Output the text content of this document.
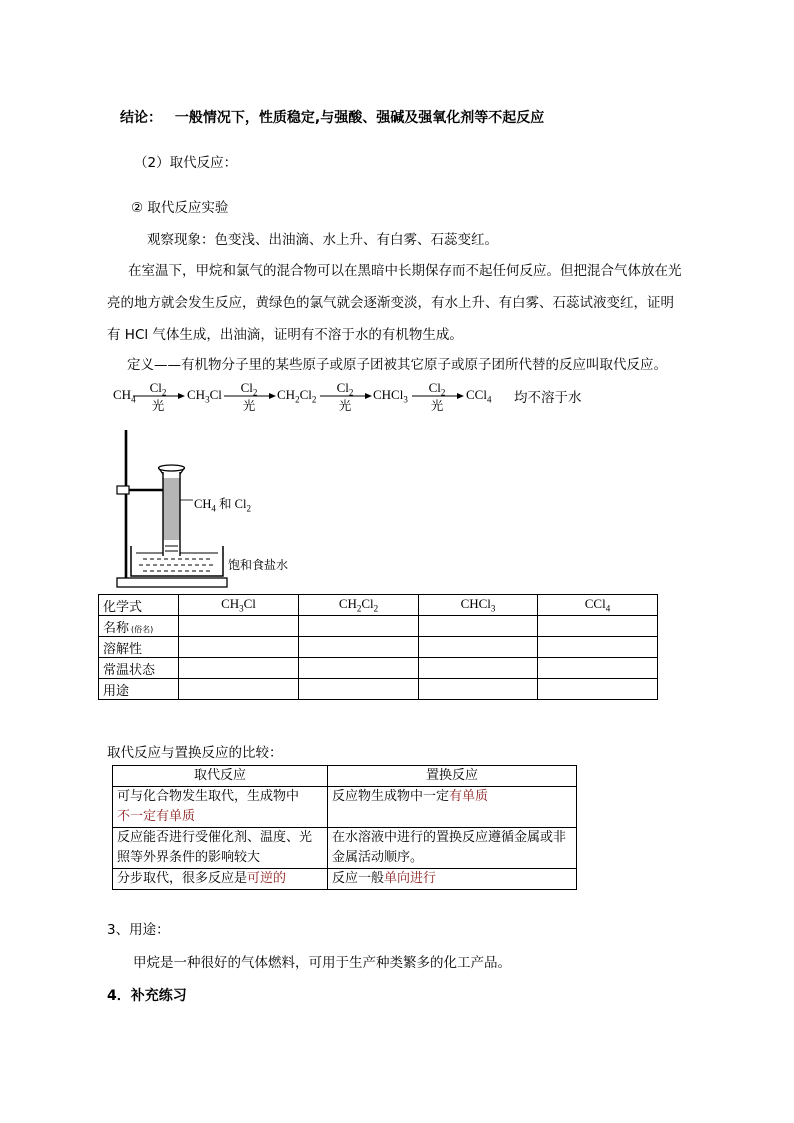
结论： 一般情况下，性质稳定,与强酸、强碱及强氧化剂等不起反应
（2）取代反应：
② 取代反应实验
观察现象：色变浅、出油滴、水上升、有白雾、石蕊变红。
在室温下，甲烷和氯气的混合物可以在黑暗中长期保存而不起任何反应。但把混合气体放在光
亮的地方就会发生反应，黄绿色的氯气就会逐渐变淡，有水上升、有白雾、石蕊试液变红，证明
有 HCl 气体生成，出油滴，证明有不溶于水的有机物生成。
定义——有机物分子里的某些原子或原子团被其它原子或原子团所代替的反应叫取代反应。
$CH_4$
$Cl_2$
光
$CH_3Cl$	$Cl_2$
光
$CH_2Cl_2$
$Cl_2$
光
CHCl$_3$
$Cl_2$
光
CCl$_4$ 均不溶于水
$CH_4$ 和 $Cl_2$
饱和食盐水
化学式	$CH_3Cl$	$CH_2Cl_2$	CHCl$_3$	CCl$_4$
名称 (俗名)				
溶解性				
常温状态				
用途				
取代反应与置换反应的比较：
取代反应	置换反应
可与化合物发生取代，生成物中
不一定有单质	反应物生成物中一定有单质
反应能否进行受催化剂、温度、光照等外界条件的影响较大	在水溶液中进行的置换反应遵循金属或非金属活动顺序。
分步取代，很多反应是可逆的	反应一般单向进行
3、用途：
甲烷是一种很好的气体燃料，可用于生产种类繁多的化工产品。
4．补充练习
